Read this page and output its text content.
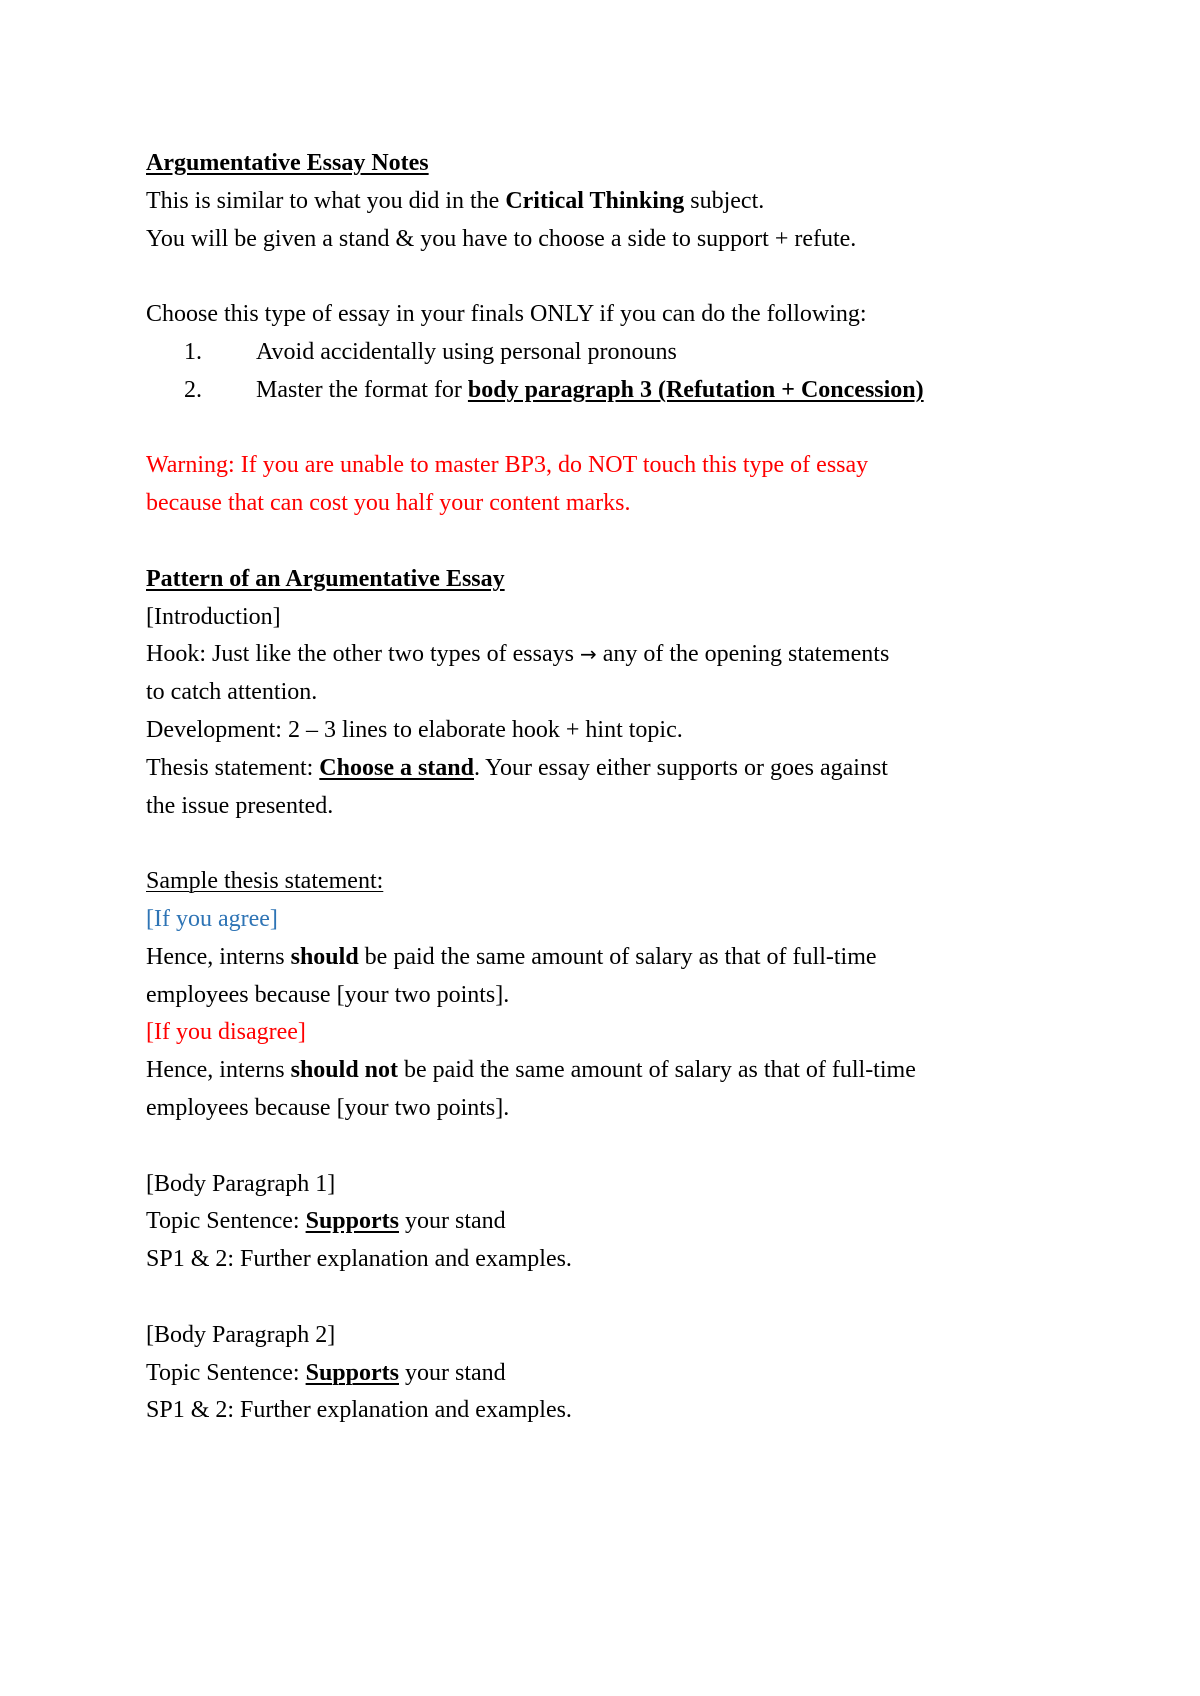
Argumentative Essay Notes

This is similar to what you did in the Critical Thinking subject.

You will be given a stand & you have to choose a side to support + refute.

Choose this type of essay in your finals ONLY if you can do the following:

1.	Avoid accidentally using personal pronouns

2.	Master the format for body paragraph 3 (Refutation + Concession)

Warning: If you are unable to master BP3, do NOT touch this type of essay

because that can cost you half your content marks.

Pattern of an Argumentative Essay

[Introduction]

Hook: Just like the other two types of essays → any of the opening statements

to catch attention.

Development: 2 – 3 lines to elaborate hook + hint topic.

Thesis statement: Choose a stand. Your essay either supports or goes against

the issue presented.

Sample thesis statement:

[If you agree]

Hence, interns should be paid the same amount of salary as that of full-time

employees because [your two points].

[If you disagree]

Hence, interns should not be paid the same amount of salary as that of full-time

employees because [your two points].

[Body Paragraph 1]

Topic Sentence: Supports your stand

SP1 & 2: Further explanation and examples.

[Body Paragraph 2]

Topic Sentence: Supports your stand

SP1 & 2: Further explanation and examples.
